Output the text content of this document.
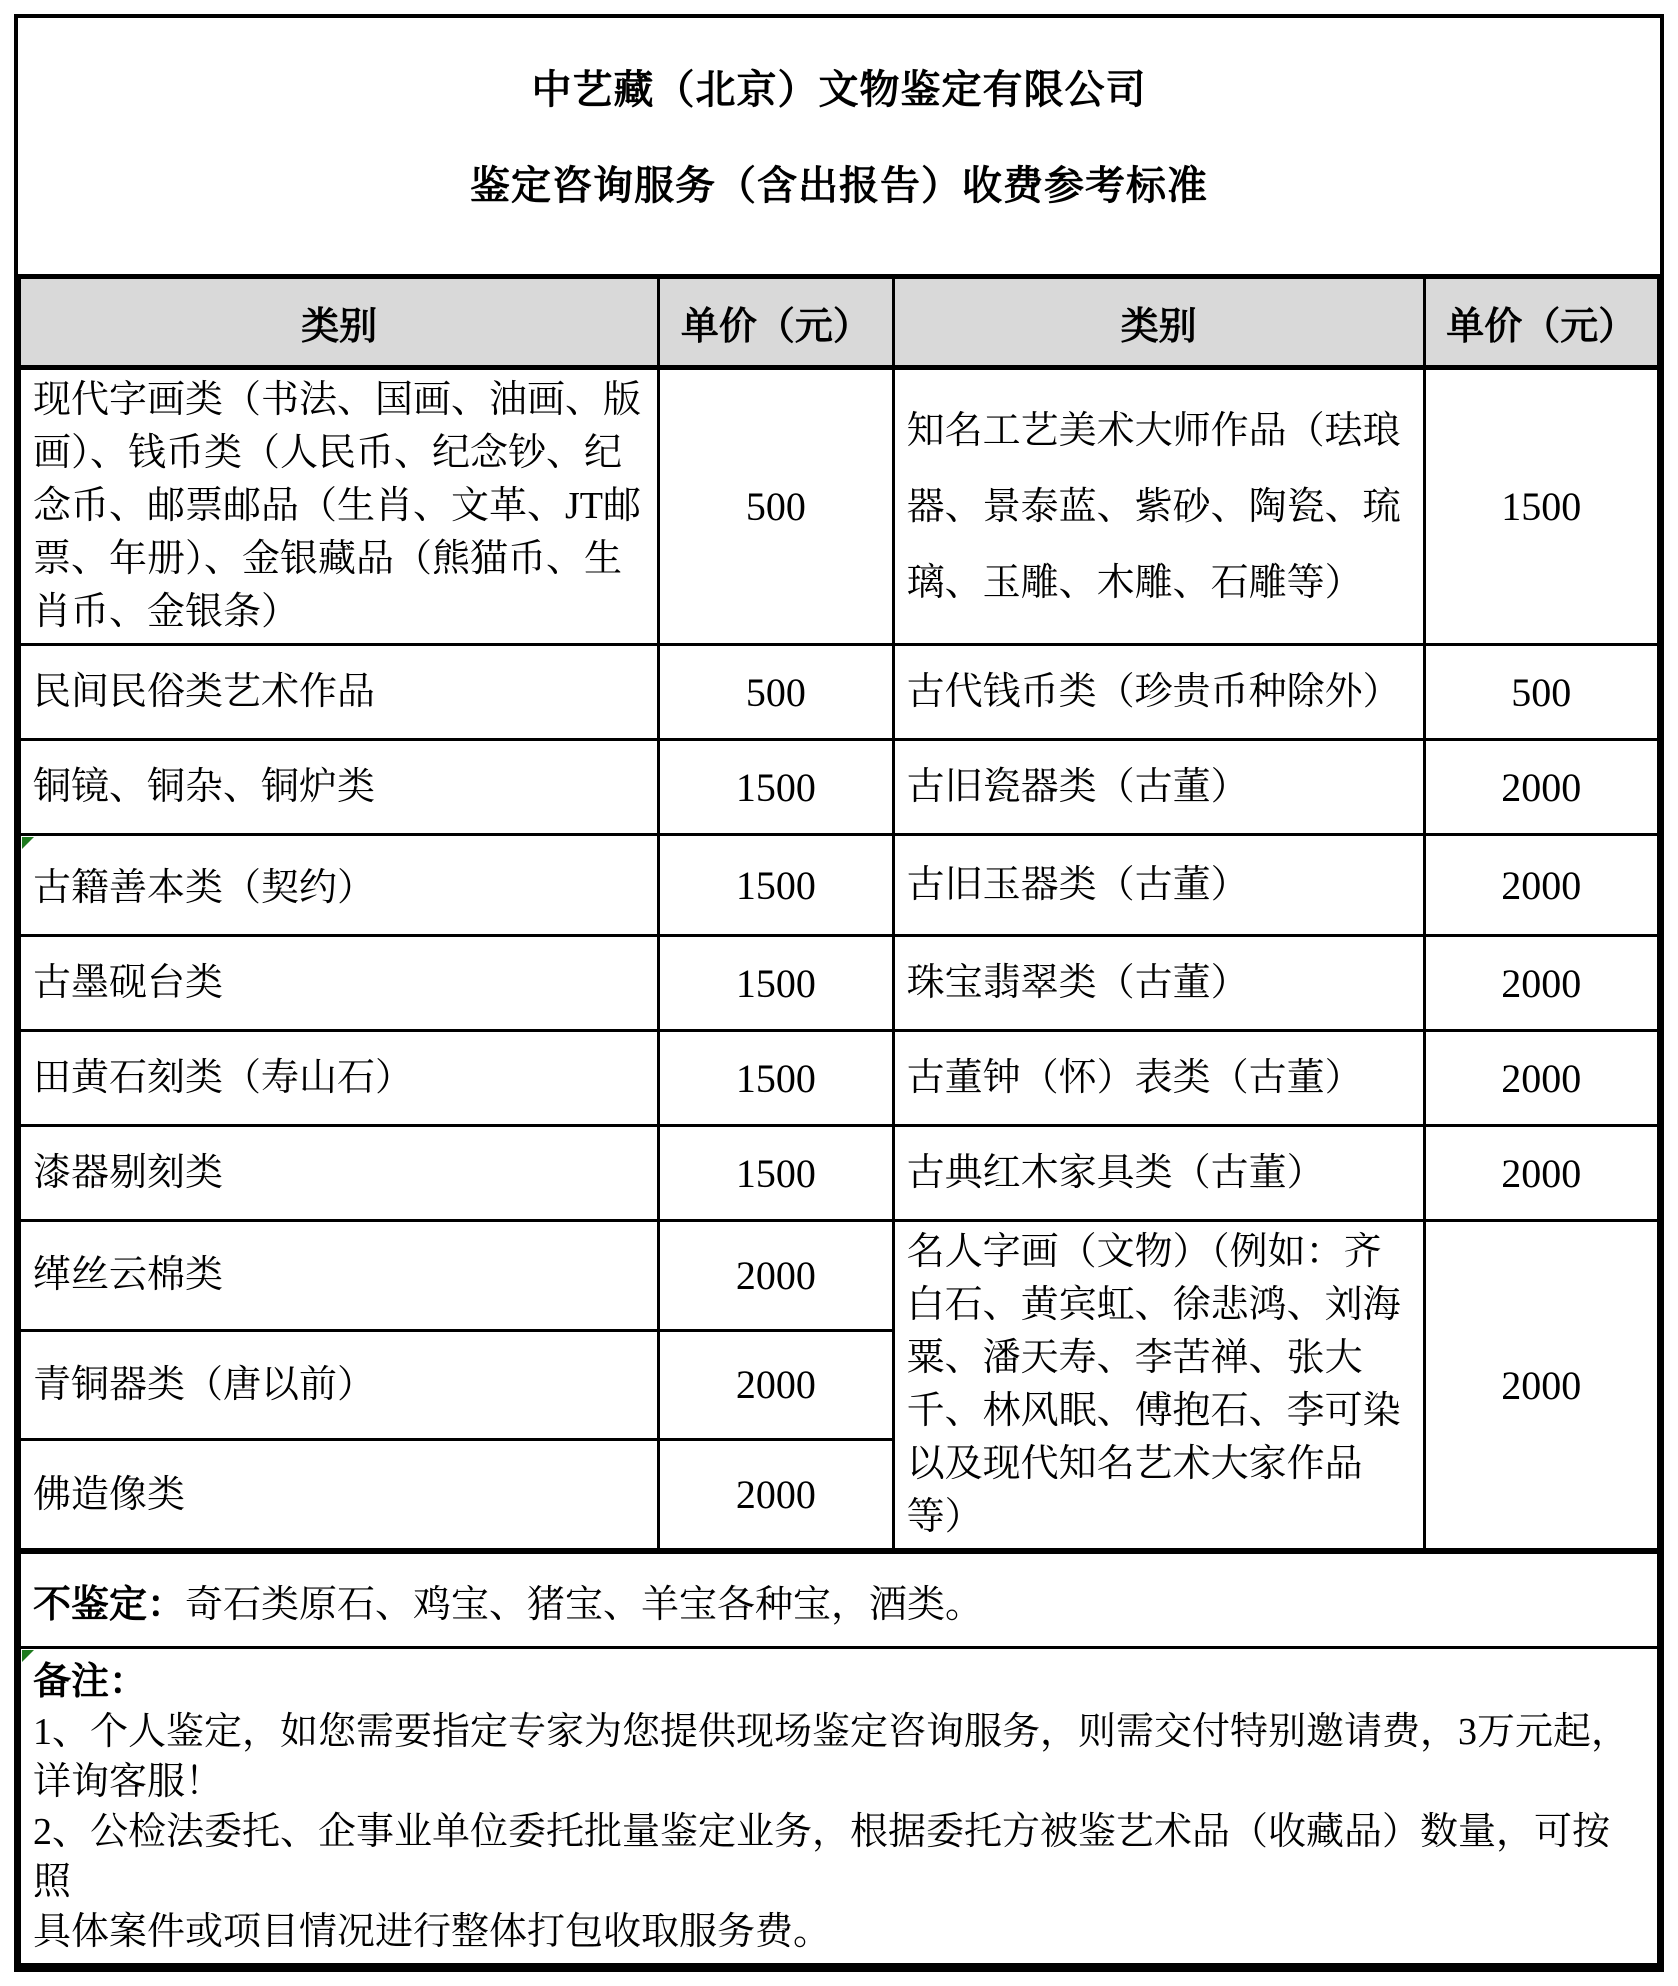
中艺藏（北京）文物鉴定有限公司
鉴定咨询服务（含出报告）收费参考标准
类别	单价（元）	类别	单价（元）
现代字画类（书法、国画、油画、版画）、钱币类（人民币、纪念钞、纪念币、邮票邮品（生肖、文革、JT邮票、年册）、金银藏品（熊猫币、生肖币、金银条）	500	知名工艺美术大师作品（珐琅器、景泰蓝、紫砂、陶瓷、琉璃、玉雕、木雕、石雕等）	1500
民间民俗类艺术作品	500	古代钱币类（珍贵币种除外）	500
铜镜、铜杂、铜炉类	1500	古旧瓷器类（古董）	2000

古籍善本类（契约）	1500	古旧玉器类（古董）	2000
古墨砚台类	1500	珠宝翡翠类（古董）	2000
田黄石刻类（寿山石）	1500	古董钟（怀）表类（古董）	2000
漆器剔刻类	1500	古典红木家具类（古董）	2000
缂丝云棉类	2000	名人字画（文物）（例如：齐白石、黄宾虹、徐悲鸿、刘海粟、潘天寿、李苦禅、张大千、林风眠、傅抱石、李可染以及现代知名艺术大家作品等）	2000
青铜器类（唐以前）	2000		
佛造像类	2000		
不鉴定：奇石类原石、鸡宝、猪宝、羊宝各种宝，酒类。			

备注：
1、个人鉴定，如您需要指定专家为您提供现场鉴定咨询服务，则需交付特别邀请费，3万元起，
详询客服！
2、公检法委托、企事业单位委托批量鉴定业务，根据委托方被鉴艺术品（收藏品）数量，可按照
具体案件或项目情况进行整体打包收取服务费。			
